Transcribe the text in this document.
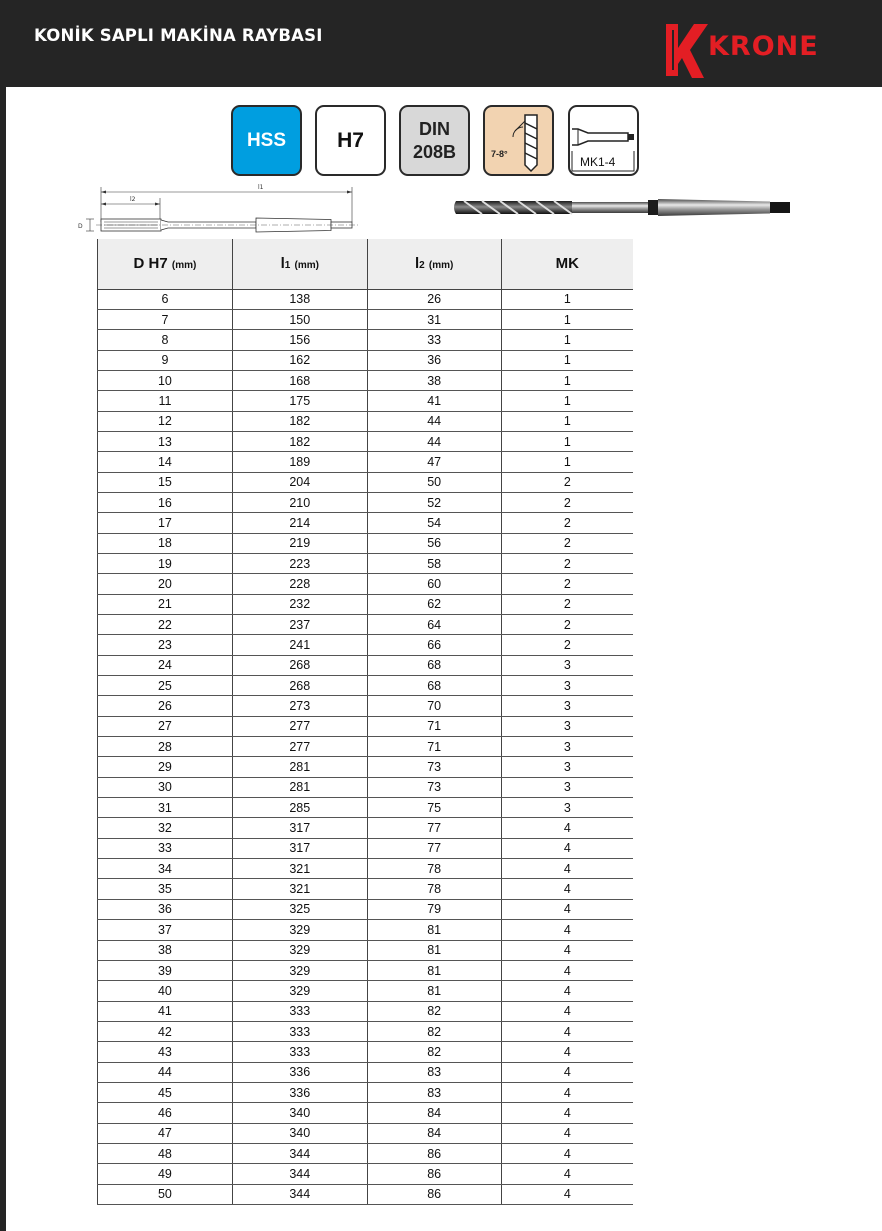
KONİK SAPLI MAKİNA RAYBASI	KRONE
HSS	H7	DIN
208B	7-8°
MK1-4
l1
l2
D
D H7 (mm)	l1 (mm)	l2 (mm)	MK
6	138	26	1
7	150	31	1
8	156	33	1
9	162	36	1
10	168	38	1
11	175	41	1
12	182	44	1
13	182	44	1
14	189	47	1
15	204	50	2
16	210	52	2
17	214	54	2
18	219	56	2
19	223	58	2
20	228	60	2
21	232	62	2
22	237	64	2
23	241	66	2
24	268	68	3
25	268	68	3
26	273	70	3
27	277	71	3
28	277	71	3
29	281	73	3
30	281	73	3
31	285	75	3
32	317	77	4
33	317	77	4
34	321	78	4
35	321	78	4
36	325	79	4
37	329	81	4
38	329	81	4
39	329	81	4
40	329	81	4
41	333	82	4
42	333	82	4
43	333	82	4
44	336	83	4
45	336	83	4
46	340	84	4
47	340	84	4
48	344	86	4
49	344	86	4
50	344	86	4
